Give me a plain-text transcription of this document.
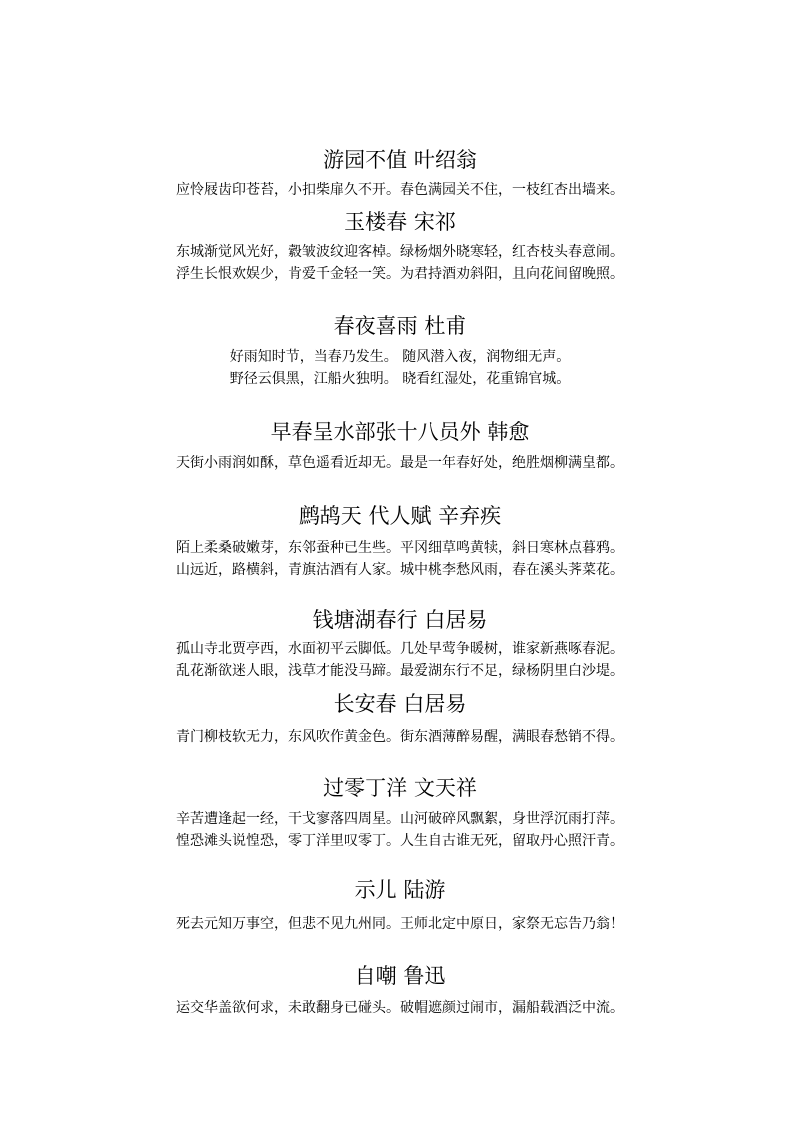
游园不值 叶绍翁
应怜屐齿印苍苔，小扣柴扉久不开。春色满园关不住，一枝红杏出墙来。
玉楼春 宋祁
东城渐觉风光好，縠皱波纹迎客棹。绿杨烟外晓寒轻，红杏枝头春意闹。
浮生长恨欢娱少，肯爱千金轻一笑。为君持酒劝斜阳，且向花间留晚照。
春夜喜雨 杜甫
好雨知时节，当春乃发生。 随风潜入夜，润物细无声。
野径云俱黑，江船火独明。 晓看红湿处，花重锦官城。
早春呈水部张十八员外 韩愈
天街小雨润如酥，草色遥看近却无。最是一年春好处，绝胜烟柳满皇都。
鹧鸪天 代人赋 辛弃疾
陌上柔桑破嫩芽，东邻蚕种已生些。平冈细草鸣黄犊，斜日寒林点暮鸦。
山远近，路横斜，青旗沽酒有人家。城中桃李愁风雨，春在溪头荠菜花。
钱塘湖春行 白居易
孤山寺北贾亭西，水面初平云脚低。几处早莺争暖树，谁家新燕啄春泥。
乱花渐欲迷人眼，浅草才能没马蹄。最爱湖东行不足，绿杨阴里白沙堤。
长安春 白居易
青门柳枝软无力，东风吹作黄金色。街东酒薄醉易醒，满眼春愁销不得。
过零丁洋 文天祥
辛苦遭逢起一经，干戈寥落四周星。山河破碎风飘絮，身世浮沉雨打萍。
惶恐滩头说惶恐，零丁洋里叹零丁。人生自古谁无死，留取丹心照汗青。
示儿 陆游
死去元知万事空，但悲不见九州同。王师北定中原日，家祭无忘告乃翁！
自嘲 鲁迅
运交华盖欲何求，未敢翻身已碰头。破帽遮颜过闹市，漏船载酒泛中流。
